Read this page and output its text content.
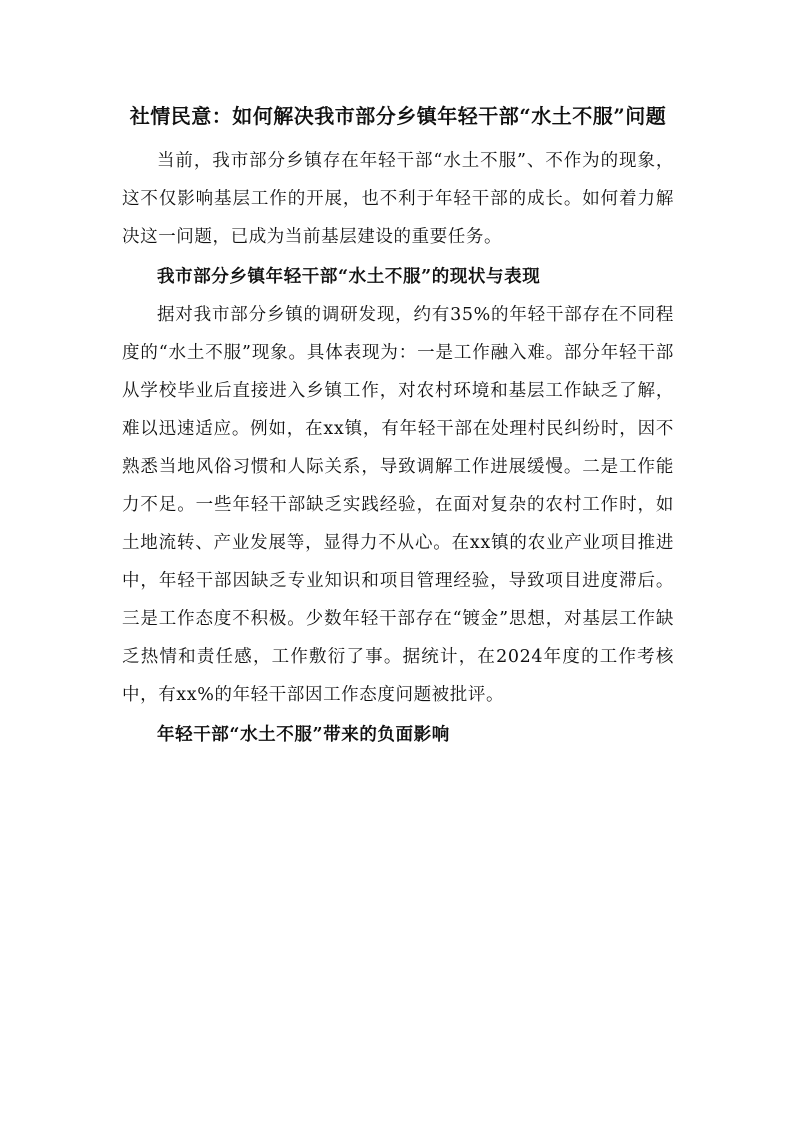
社情民意：如何解决我市部分乡镇年轻干部“水土不服”问题

当前，我市部分乡镇存在年轻干部“水土不服”、不作为的现象，这不仅影响基层工作的开展，也不利于年轻干部的成长。如何着力解决这一问题，已成为当前基层建设的重要任务。

我市部分乡镇年轻干部“水土不服”的现状与表现

据对我市部分乡镇的调研发现，约有35%的年轻干部存在不同程度的“水土不服”现象。具体表现为：一是工作融入难。部分年轻干部从学校毕业后直接进入乡镇工作，对农村环境和基层工作缺乏了解，难以迅速适应。例如，在xx镇，有年轻干部在处理村民纠纷时，因不熟悉当地风俗习惯和人际关系，导致调解工作进展缓慢。二是工作能力不足。一些年轻干部缺乏实践经验，在面对复杂的农村工作时，如土地流转、产业发展等，显得力不从心。在xx镇的农业产业项目推进中，年轻干部因缺乏专业知识和项目管理经验，导致项目进度滞后。三是工作态度不积极。少数年轻干部存在“镀金”思想，对基层工作缺乏热情和责任感，工作敷衍了事。据统计，在2024年度的工作考核中，有xx%的年轻干部因工作态度问题被批评。

年轻干部“水土不服”带来的负面影响
